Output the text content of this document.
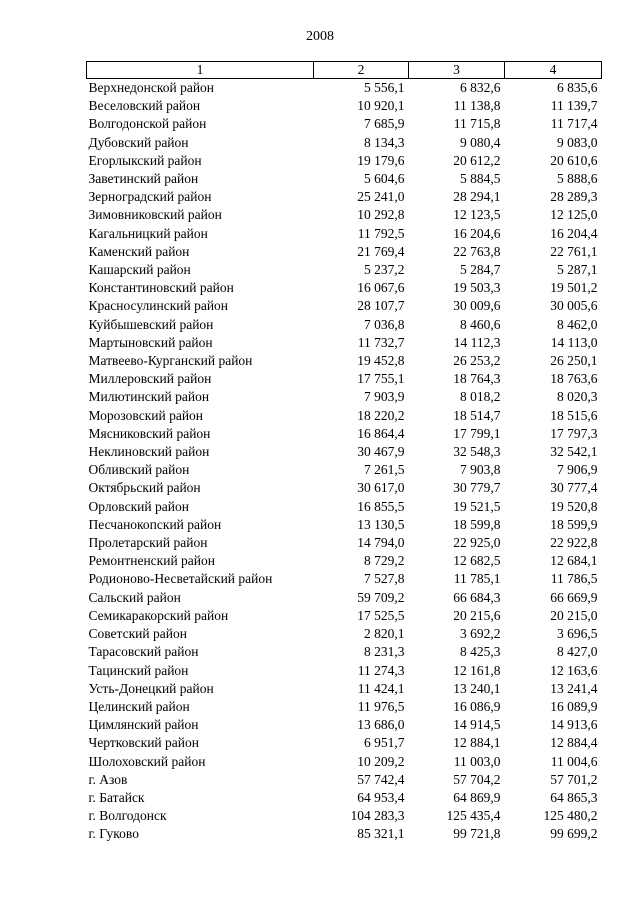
2008
1	2	3	4
Верхнедонской район	5 556,1	6 832,6	6 835,6
Веселовский район	10 920,1	11 138,8	11 139,7
Волгодонской район	7 685,9	11 715,8	11 717,4
Дубовский район	8 134,3	9 080,4	9 083,0
Егорлыкский район	19 179,6	20 612,2	20 610,6
Заветинский район	5 604,6	5 884,5	5 888,6
Зерноградский район	25 241,0	28 294,1	28 289,3
Зимовниковский район	10 292,8	12 123,5	12 125,0
Кагальницкий район	11 792,5	16 204,6	16 204,4
Каменский район	21 769,4	22 763,8	22 761,1
Кашарский район	5 237,2	5 284,7	5 287,1
Константиновский район	16 067,6	19 503,3	19 501,2
Красносулинский район	28 107,7	30 009,6	30 005,6
Куйбышевский район	7 036,8	8 460,6	8 462,0
Мартыновский район	11 732,7	14 112,3	14 113,0
Матвеево-Курганский район	19 452,8	26 253,2	26 250,1
Миллеровский район	17 755,1	18 764,3	18 763,6
Милютинский район	7 903,9	8 018,2	8 020,3
Морозовский район	18 220,2	18 514,7	18 515,6
Мясниковский район	16 864,4	17 799,1	17 797,3
Неклиновский район	30 467,9	32 548,3	32 542,1
Обливский район	7 261,5	7 903,8	7 906,9
Октябрьский район	30 617,0	30 779,7	30 777,4
Орловский район	16 855,5	19 521,5	19 520,8
Песчанокопский район	13 130,5	18 599,8	18 599,9
Пролетарский район	14 794,0	22 925,0	22 922,8
Ремонтненский район	8 729,2	12 682,5	12 684,1
Родионово-Несветайский район	7 527,8	11 785,1	11 786,5
Сальский район	59 709,2	66 684,3	66 669,9
Семикаракорский район	17 525,5	20 215,6	20 215,0
Советский район	2 820,1	3 692,2	3 696,5
Тарасовский район	8 231,3	8 425,3	8 427,0
Тацинский район	11 274,3	12 161,8	12 163,6
Усть-Донецкий район	11 424,1	13 240,1	13 241,4
Целинский район	11 976,5	16 086,9	16 089,9
Цимлянский район	13 686,0	14 914,5	14 913,6
Чертковский район	6 951,7	12 884,1	12 884,4
Шолоховский район	10 209,2	11 003,0	11 004,6
г. Азов	57 742,4	57 704,2	57 701,2
г. Батайск	64 953,4	64 869,9	64 865,3
г. Волгодонск	104 283,3	125 435,4	125 480,2
г. Гуково	85 321,1	99 721,8	99 699,2
